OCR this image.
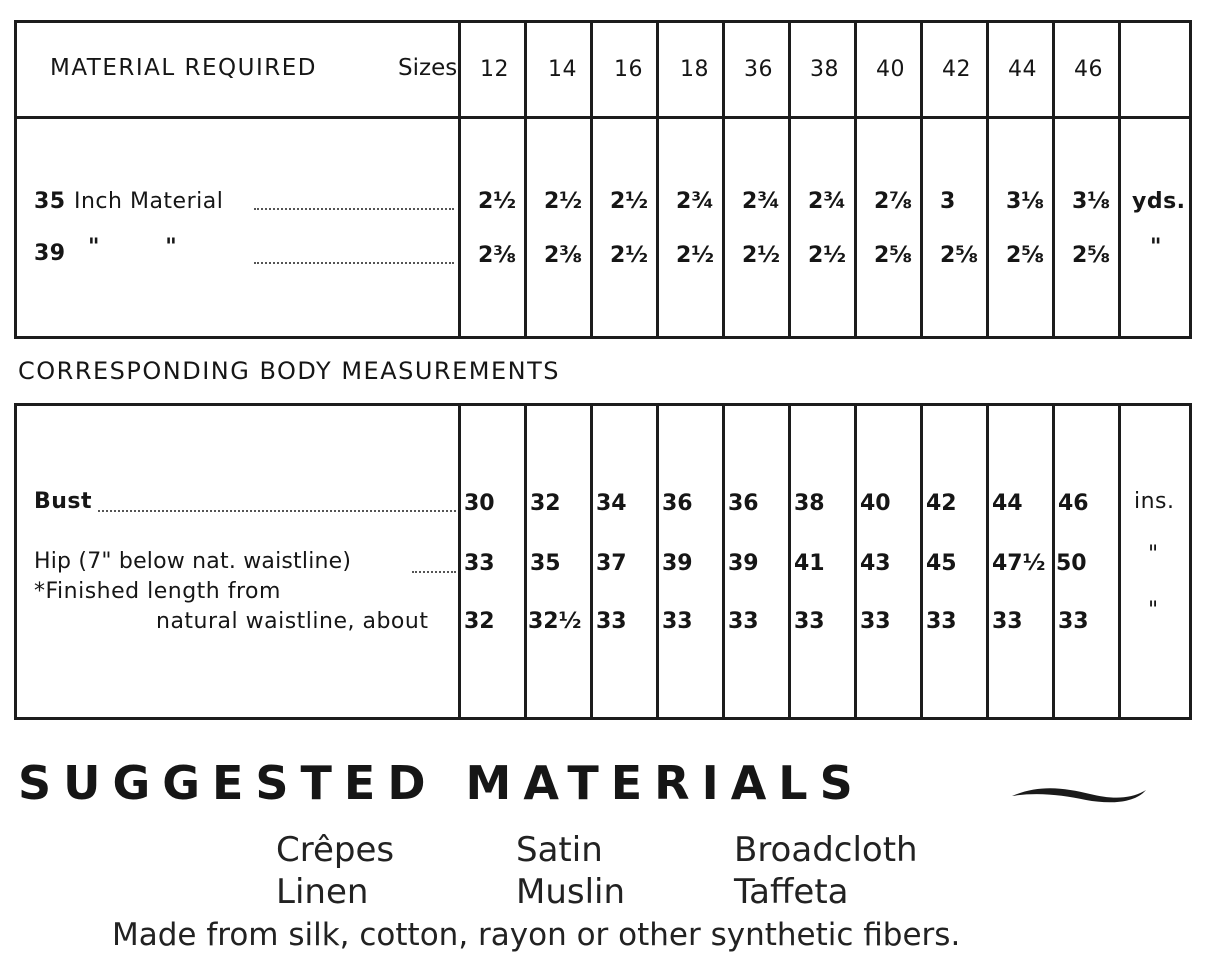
MATERIAL REQUIRED	Sizes 12 14 16 18 36 38 40 42 44 46
35 Inch Material	2½ 2½ 2½ 2¾ 2¾ 2¾ 2⅞ 3 3⅛ 3⅛ yds.
39 "        "	2⅜ 2⅜ 2½ 2½ 2½ 2½ 2⅝ 2⅝ 2⅝ 2⅝ "
CORRESPONDING BODY MEASUREMENTS
Bust	30 32 34 36 36 38 40 42 44 46 ins.
Hip (7" below nat. waistline)	33 35 37 39 39 41 43 45 47½ 50	"
*Finished length from
natural waistline, about 32 32½ 33 33 33 33 33 33 33 33	"
SUGGESTED MATERIALS
Crêpes
Linen
Satin
Muslin
Broadcloth
Taffeta
Made from silk, cotton, rayon or other synthetic fibers.
